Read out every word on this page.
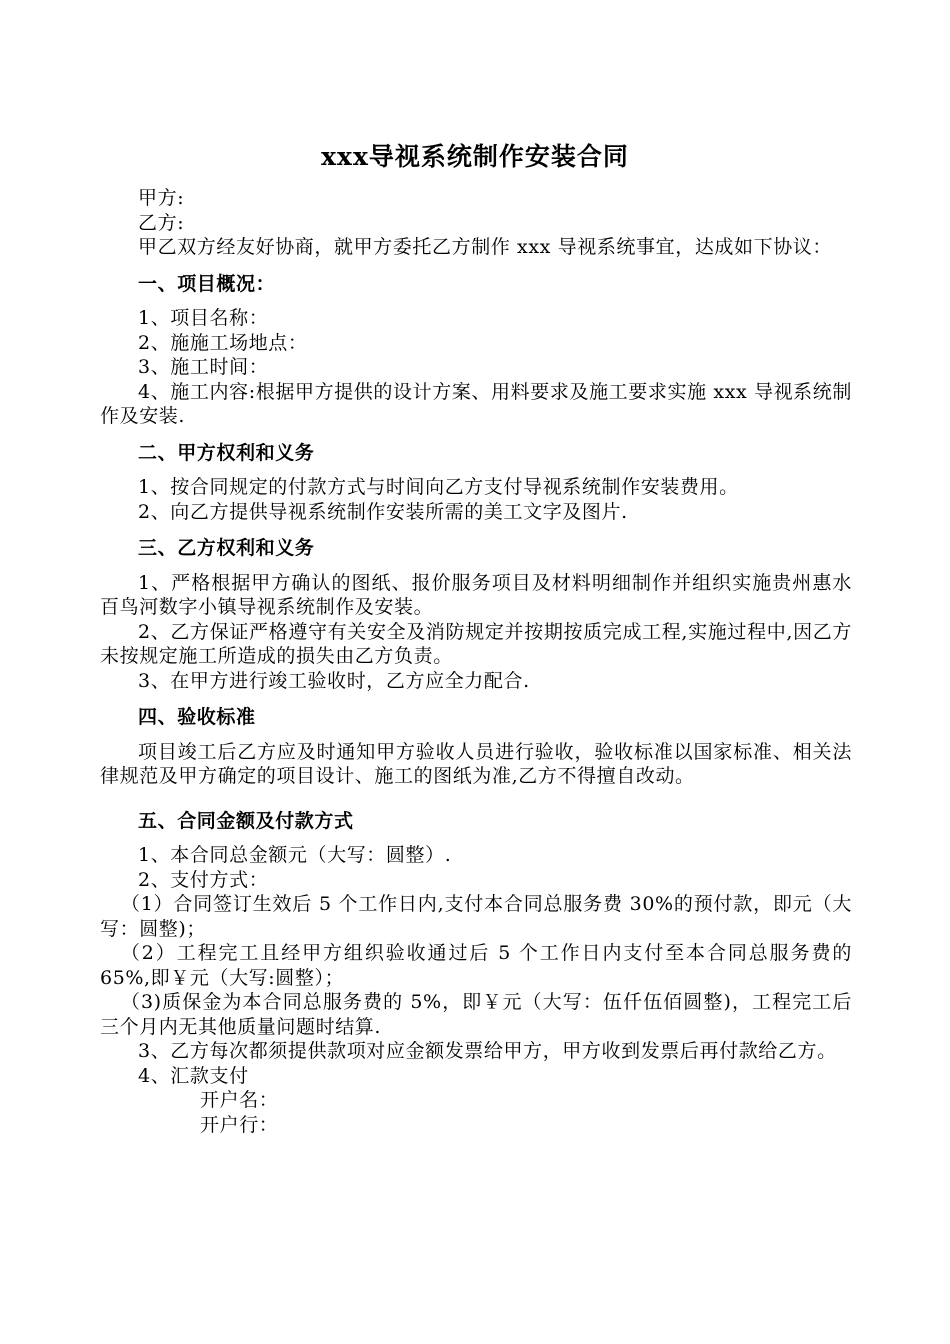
xxx导视系统制作安装合同

甲方:

乙方:

甲乙双方经友好协商，就甲方委托乙方制作 xxx 导视系统事宜，达成如下协议：

一、项目概况：

1、项目名称：

2、施施工场地点：

3、施工时间：

4、施工内容:根据甲方提供的设计方案、用料要求及施工要求实施 xxx 导视系统制作及安装.

二、甲方权利和义务

1、按合同规定的付款方式与时间向乙方支付导视系统制作安装费用。

2、向乙方提供导视系统制作安装所需的美工文字及图片.

三、乙方权利和义务

1、严格根据甲方确认的图纸、报价服务项目及材料明细制作并组织实施贵州惠水百鸟河数字小镇导视系统制作及安装。

2、乙方保证严格遵守有关安全及消防规定并按期按质完成工程,实施过程中,因乙方未按规定施工所造成的损失由乙方负责。

3、在甲方进行竣工验收时，乙方应全力配合.

四、验收标准

项目竣工后乙方应及时通知甲方验收人员进行验收，验收标准以国家标准、相关法律规范及甲方确定的项目设计、施工的图纸为准,乙方不得擅自改动。

五、合同金额及付款方式

1、本合同总金额元（大写：圆整）.

2、支付方式：

（1）合同签订生效后 5 个工作日内,支付本合同总服务费 30%的预付款，即元（大写：圆整)；

（2）工程完工且经甲方组织验收通过后 5 个工作日内支付至本合同总服务费的 65%,即￥元（大写:圆整）；

（3)质保金为本合同总服务费的 5%，即￥元（大写：伍仟伍佰圆整)，工程完工后三个月内无其他质量问题时结算.

3、乙方每次都须提供款项对应金额发票给甲方，甲方收到发票后再付款给乙方。

4、汇款支付

开户名：

开户行：
